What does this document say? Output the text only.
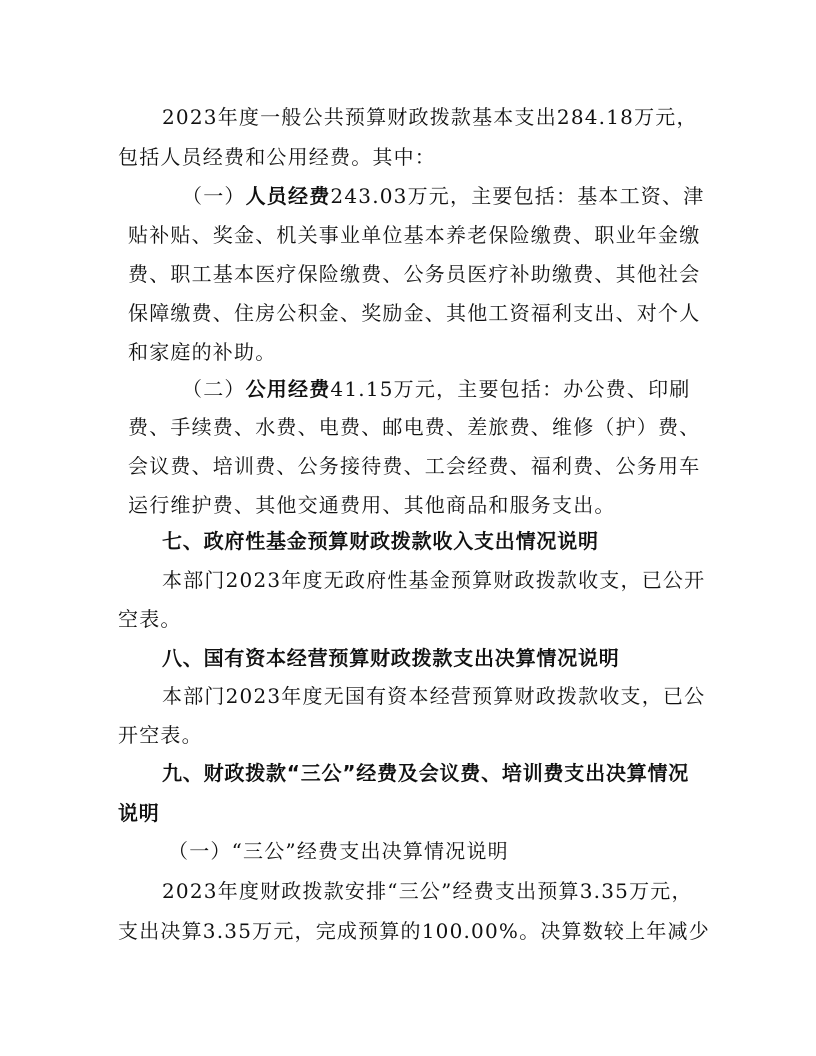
2023年度一般公共预算财政拨款基本支出284.18万元，
包括人员经费和公用经费。其中：
（一）人员经费243.03万元，主要包括：基本工资、津
贴补贴、奖金、机关事业单位基本养老保险缴费、职业年金缴
费、职工基本医疗保险缴费、公务员医疗补助缴费、其他社会
保障缴费、住房公积金、奖励金、其他工资福利支出、对个人
和家庭的补助。
（二）公用经费41.15万元，主要包括：办公费、印刷
费、手续费、水费、电费、邮电费、差旅费、维修（护）费、
会议费、培训费、公务接待费、工会经费、福利费、公务用车
运行维护费、其他交通费用、其他商品和服务支出。
七、政府性基金预算财政拨款收入支出情况说明
本部门2023年度无政府性基金预算财政拨款收支，已公开
空表。
八、国有资本经营预算财政拨款支出决算情况说明
本部门2023年度无国有资本经营预算财政拨款收支，已公
开空表。
九、财政拨款“三公”经费及会议费、培训费支出决算情况
说明
（一）“三公”经费支出决算情况说明
2023年度财政拨款安排“三公”经费支出预算3.35万元，
支出决算3.35万元，完成预算的100.00%。决算数较上年减少
